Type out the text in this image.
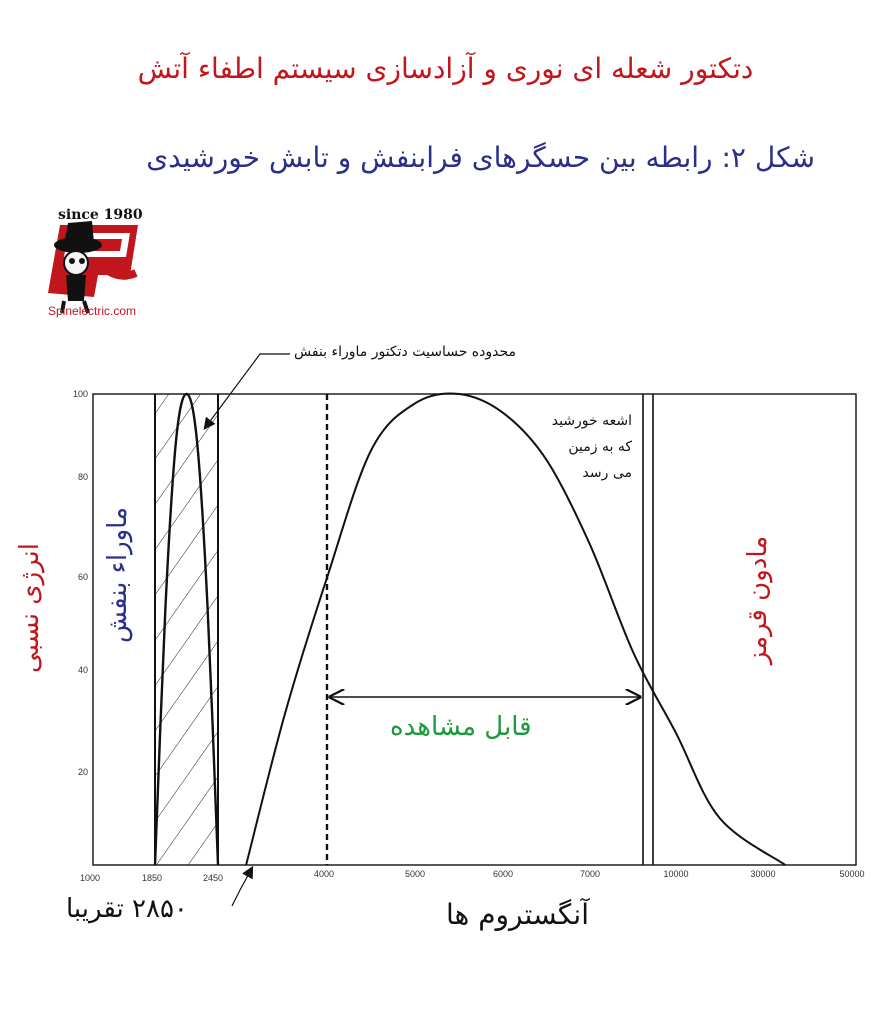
دتکتور شعله ای نوری و آزادسازی سیستم اطفاء آتش
شکل ۲: رابطه بین حسگرهای فرابنفش و تابش خورشیدی
since 1980
Spinelectric.com
محدوده حساسیت دتکتور ماوراء بنفش
انرژی نسبی ماوراء بنفش	مادون قرمز
اشعه خورشید
که به زمین
می رسد
قابل مشاهده
آنگستروم ها
۲۸۵۰ تقریبا
1000	1850	2450	4000	5000	6000	7000	10000	30000	50000
100
80
60
40
20
